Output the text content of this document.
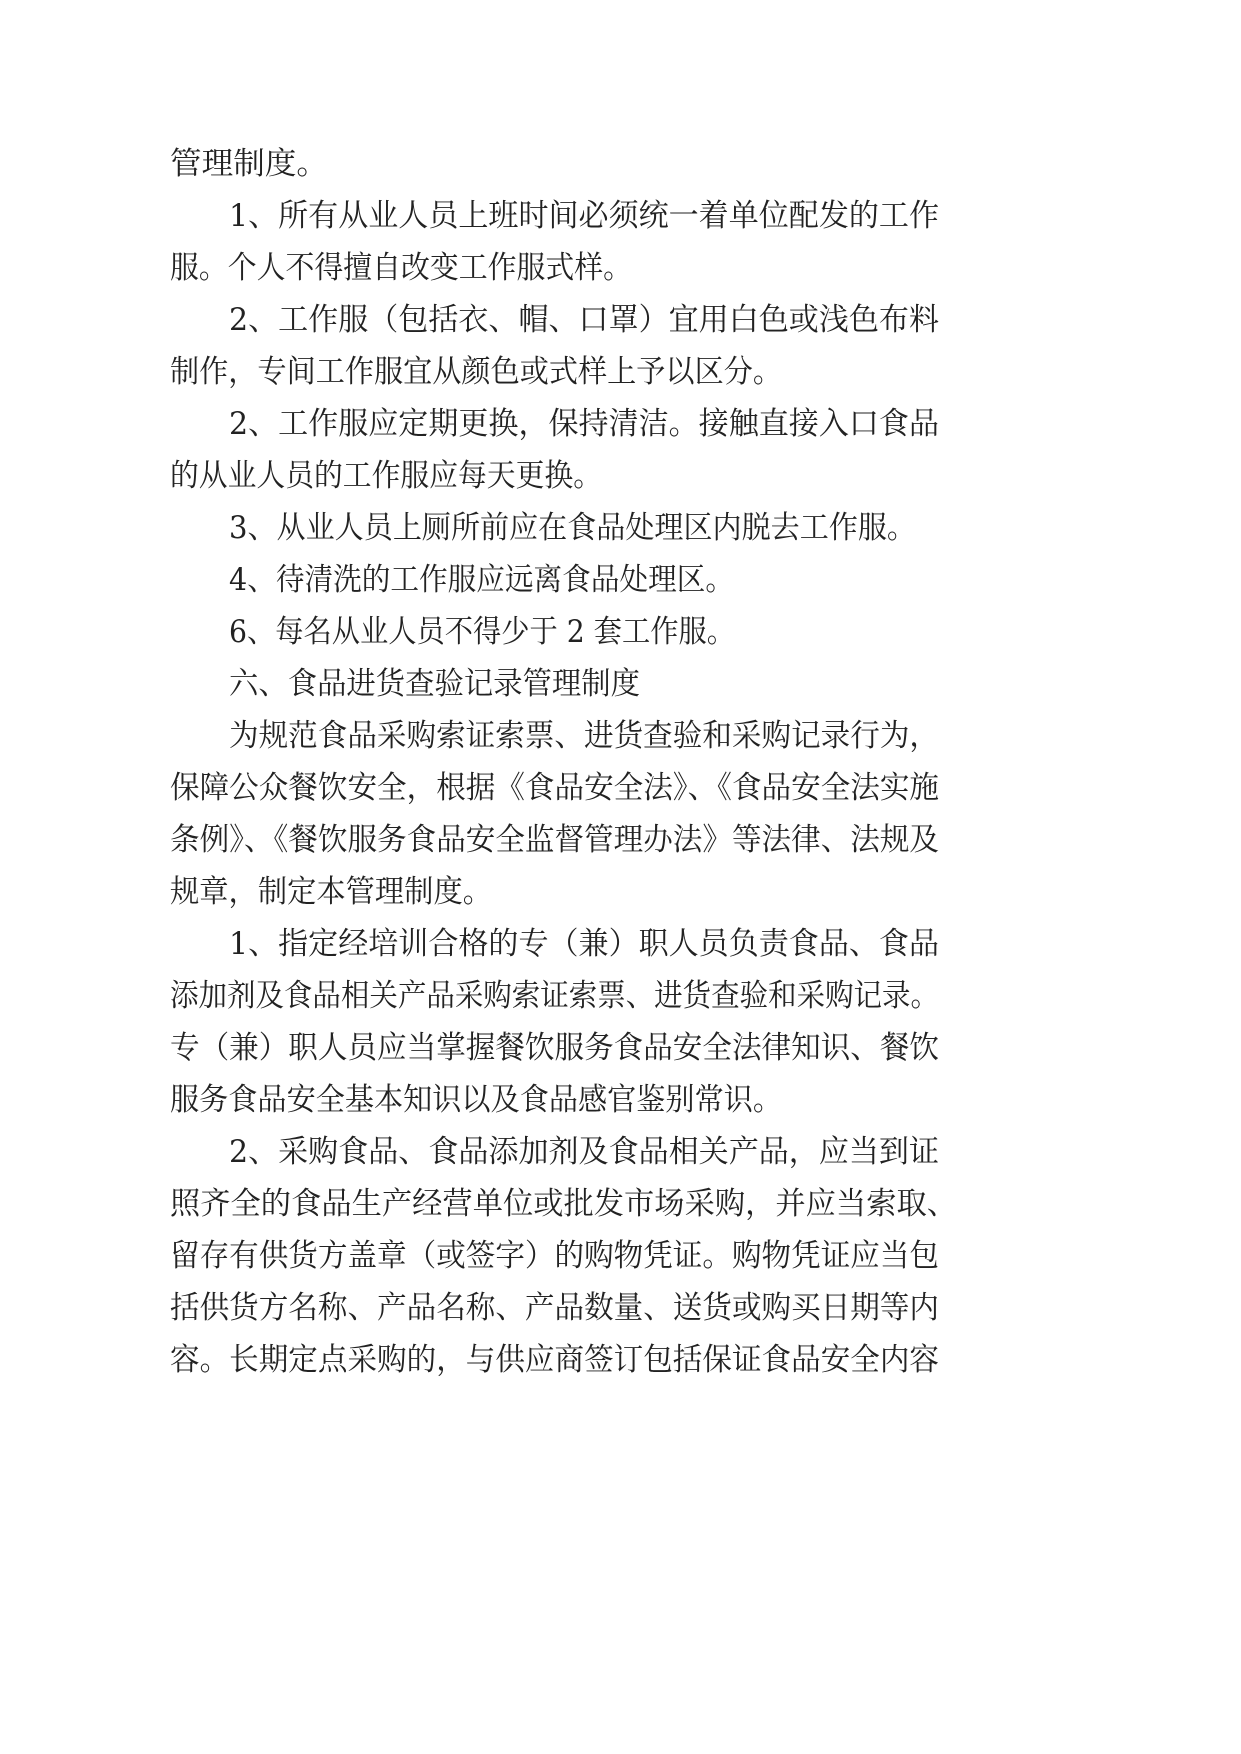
管理制度。
1、所有从业人员上班时间必须统一着单位配发的工作
服。个人不得擅自改变工作服式样。
2、工作服（包括衣、帽、口罩）宜用白色或浅色布料
制作，专间工作服宜从颜色或式样上予以区分。
2、工作服应定期更换，保持清洁。接触直接入口食品
的从业人员的工作服应每天更换。
3、从业人员上厕所前应在食品处理区内脱去工作服。
4、待清洗的工作服应远离食品处理区。
6、每名从业人员不得少于 2 套工作服。
六、食品进货查验记录管理制度
为规范食品采购索证索票、进货查验和采购记录行为，
保障公众餐饮安全，根据《食品安全法》、《食品安全法实施
条例》、《餐饮服务食品安全监督管理办法》等法律、法规及
规章，制定本管理制度。
1、指定经培训合格的专（兼）职人员负责食品、食品
添加剂及食品相关产品采购索证索票、进货查验和采购记录。
专（兼）职人员应当掌握餐饮服务食品安全法律知识、餐饮
服务食品安全基本知识以及食品感官鉴别常识。
2、采购食品、食品添加剂及食品相关产品，应当到证
照齐全的食品生产经营单位或批发市场采购，并应当索取、
留存有供货方盖章（或签字）的购物凭证。购物凭证应当包
括供货方名称、产品名称、产品数量、送货或购买日期等内
容。长期定点采购的，与供应商签订包括保证食品安全内容
